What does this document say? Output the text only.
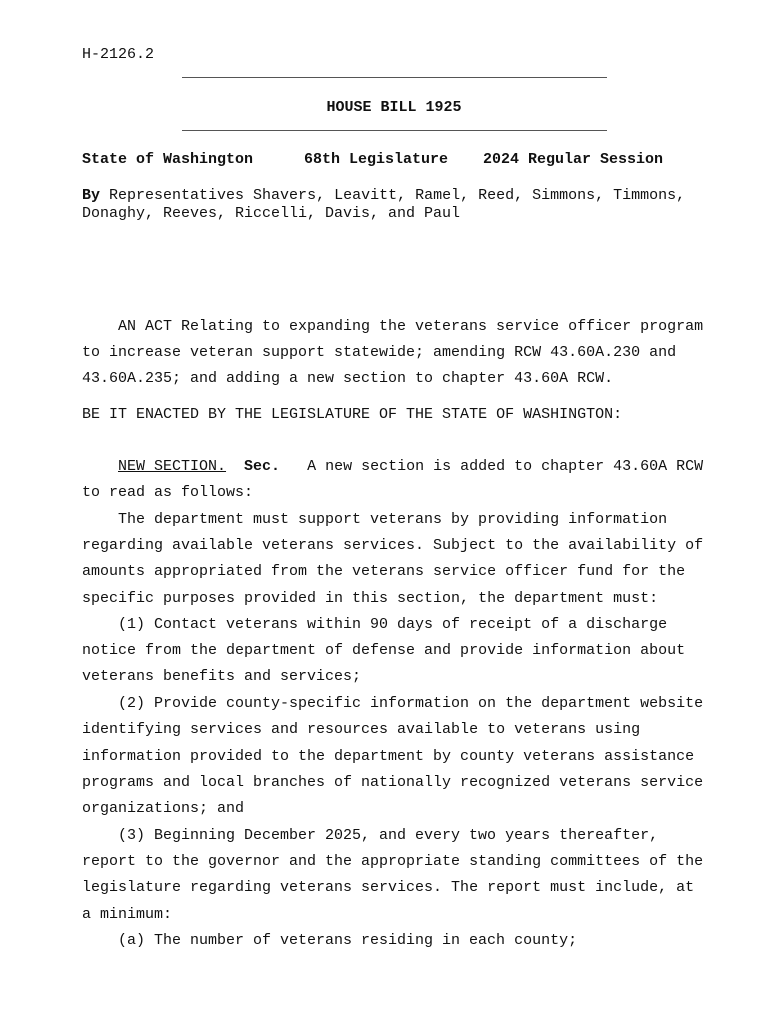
H-2126.2
HOUSE BILL 1925
State of Washington	68th Legislature 2024 Regular Session
By Representatives Shavers, Leavitt, Ramel, Reed, Simmons, Timmons,
Donaghy, Reeves, Riccelli, Davis, and Paul
AN ACT Relating to expanding the veterans service officer program
to increase veteran support statewide; amending RCW 43.60A.230 and
43.60A.235; and adding a new section to chapter 43.60A RCW.
BE IT ENACTED BY THE LEGISLATURE OF THE STATE OF WASHINGTON:
NEW SECTION. Sec. A new section is added to chapter 43.60A RCW
to read as follows:
The department must support veterans by providing information
regarding available veterans services. Subject to the availability of
amounts appropriated from the veterans service officer fund for the
specific purposes provided in this section, the department must:
(1) Contact veterans within 90 days of receipt of a discharge
notice from the department of defense and provide information about
veterans benefits and services;
(2) Provide county-specific information on the department website
identifying services and resources available to veterans using
information provided to the department by county veterans assistance
programs and local branches of nationally recognized veterans service
organizations; and
(3) Beginning December 2025, and every two years thereafter,
report to the governor and the appropriate standing committees of the
legislature regarding veterans services. The report must include, at
a minimum:
(a) The number of veterans residing in each county;
